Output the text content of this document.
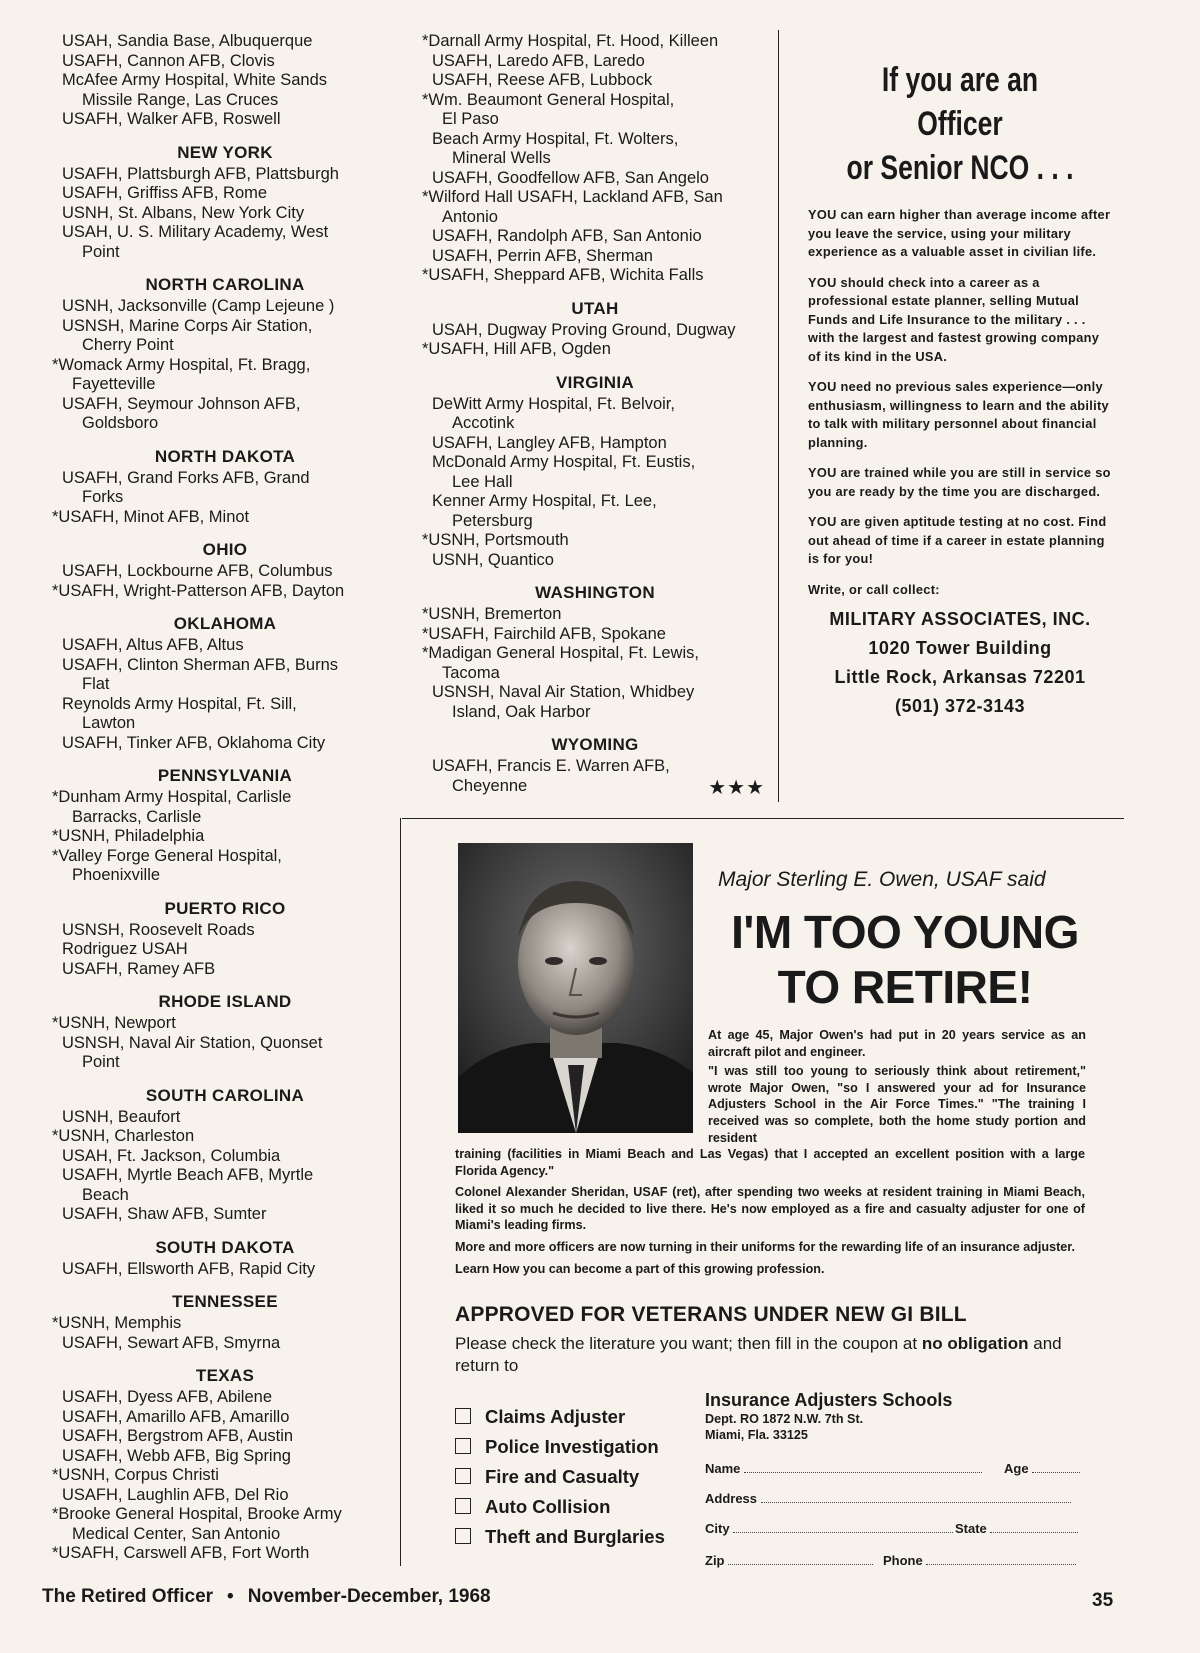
USAH, Sandia Base, Albuquerque
USAFH, Cannon AFB, Clovis
McAfee Army Hospital, White Sands
Missile Range, Las Cruces
USAFH, Walker AFB, Roswell
NEW YORK
USAFH, Plattsburgh AFB, Plattsburgh
USAFH, Griffiss AFB, Rome
USNH, St. Albans, New York City
USAH, U. S. Military Academy, West
Point
NORTH CAROLINA
USNH, Jacksonville (Camp Lejeune )
USNSH, Marine Corps Air Station,
Cherry Point
*Womack Army Hospital, Ft. Bragg,
Fayetteville
USAFH, Seymour Johnson AFB,
Goldsboro
NORTH DAKOTA
USAFH, Grand Forks AFB, Grand
Forks
*USAFH, Minot AFB, Minot
OHIO
USAFH, Lockbourne AFB, Columbus
*USAFH, Wright-Patterson AFB, Dayton
OKLAHOMA
USAFH, Altus AFB, Altus
USAFH, Clinton Sherman AFB, Burns
Flat
Reynolds Army Hospital, Ft. Sill,
Lawton
USAFH, Tinker AFB, Oklahoma City
PENNSYLVANIA
*Dunham Army Hospital, Carlisle
Barracks, Carlisle
*USNH, Philadelphia
*Valley Forge General Hospital,
Phoenixville
PUERTO RICO
USNSH, Roosevelt Roads
Rodriguez USAH
USAFH, Ramey AFB
RHODE ISLAND
*USNH, Newport
USNSH, Naval Air Station, Quonset
Point
SOUTH CAROLINA
USNH, Beaufort
*USNH, Charleston
USAH, Ft. Jackson, Columbia
USAFH, Myrtle Beach AFB, Myrtle
Beach
USAFH, Shaw AFB, Sumter
SOUTH DAKOTA
USAFH, Ellsworth AFB, Rapid City
TENNESSEE
*USNH, Memphis
USAFH, Sewart AFB, Smyrna
TEXAS
USAFH, Dyess AFB, Abilene
USAFH, Amarillo AFB, Amarillo
USAFH, Bergstrom AFB, Austin
USAFH, Webb AFB, Big Spring
*USNH, Corpus Christi
USAFH, Laughlin AFB, Del Rio
*Brooke General Hospital, Brooke Army
Medical Center, San Antonio
*USAFH, Carswell AFB, Fort Worth
*Darnall Army Hospital, Ft. Hood, Killeen
USAFH, Laredo AFB, Laredo
USAFH, Reese AFB, Lubbock
*Wm. Beaumont General Hospital,
El Paso
Beach Army Hospital, Ft. Wolters,
Mineral Wells
USAFH, Goodfellow AFB, San Angelo
*Wilford Hall USAFH, Lackland AFB, San
Antonio
USAFH, Randolph AFB, San Antonio
USAFH, Perrin AFB, Sherman
*USAFH, Sheppard AFB, Wichita Falls
UTAH
USAH, Dugway Proving Ground, Dugway
*USAFH, Hill AFB, Ogden
VIRGINIA
DeWitt Army Hospital, Ft. Belvoir,
Accotink
USAFH, Langley AFB, Hampton
McDonald Army Hospital, Ft. Eustis,
Lee Hall
Kenner Army Hospital, Ft. Lee,
Petersburg
*USNH, Portsmouth
USNH, Quantico
WASHINGTON
*USNH, Bremerton
*USAFH, Fairchild AFB, Spokane
*Madigan General Hospital, Ft. Lewis,
Tacoma
USNSH, Naval Air Station, Whidbey
Island, Oak Harbor
WYOMING
USAFH, Francis E. Warren AFB,
Cheyenne	★★★
If you are an Officer
or Senior NCO . . .

YOU can earn higher than average income after you leave the service, using your military experience as a valuable asset in civilian life.

YOU should check into a career as a professional estate planner, selling Mutual Funds and Life Insurance to the military . . . with the largest and fastest growing company of its kind in the USA.

YOU need no previous sales experience—only enthusiasm, willingness to learn and the ability to talk with military personnel about financial planning.

YOU are trained while you are still in service so you are ready by the time you are discharged.

YOU are given aptitude testing at no cost. Find out ahead of time if a career in estate planning is for you!

Write, or call collect:

MILITARY ASSOCIATES, INC.
1020 Tower Building
Little Rock, Arkansas 72201
(501) 372-3143
Major Sterling E. Owen, USAF said
I'M TOO YOUNG
TO RETIRE!

At age 45, Major Owen's had put in 20 years service as an aircraft pilot and engineer.

"I was still too young to seriously think about retirement," wrote Major Owen, "so I answered your ad for Insurance Adjusters School in the Air Force Times." "The training I received was so complete, both the home study portion and resident

training (facilities in Miami Beach and Las Vegas) that I accepted an excellent position with a large Florida Agency."

Colonel Alexander Sheridan, USAF (ret), after spending two weeks at resident training in Miami Beach, liked it so much he decided to live there. He's now employed as a fire and casualty adjuster for one of Miami's leading firms.

More and more officers are now turning in their uniforms for the rewarding life of an insurance adjuster.

Learn How you can become a part of this growing profession.

APPROVED FOR VETERANS UNDER NEW GI BILL
Please check the literature you want; then fill in the coupon at no obligation and return to
Claims Adjuster
Police Investigation
Fire and Casualty
Auto Collision
Theft and Burglaries
Insurance Adjusters Schools
Dept. RO 1872 N.W. 7th St.
Miami, Fla. 33125
Name	Age
Address
City	State
Zip	Phone
The Retired Officer • November-December, 1968	35
